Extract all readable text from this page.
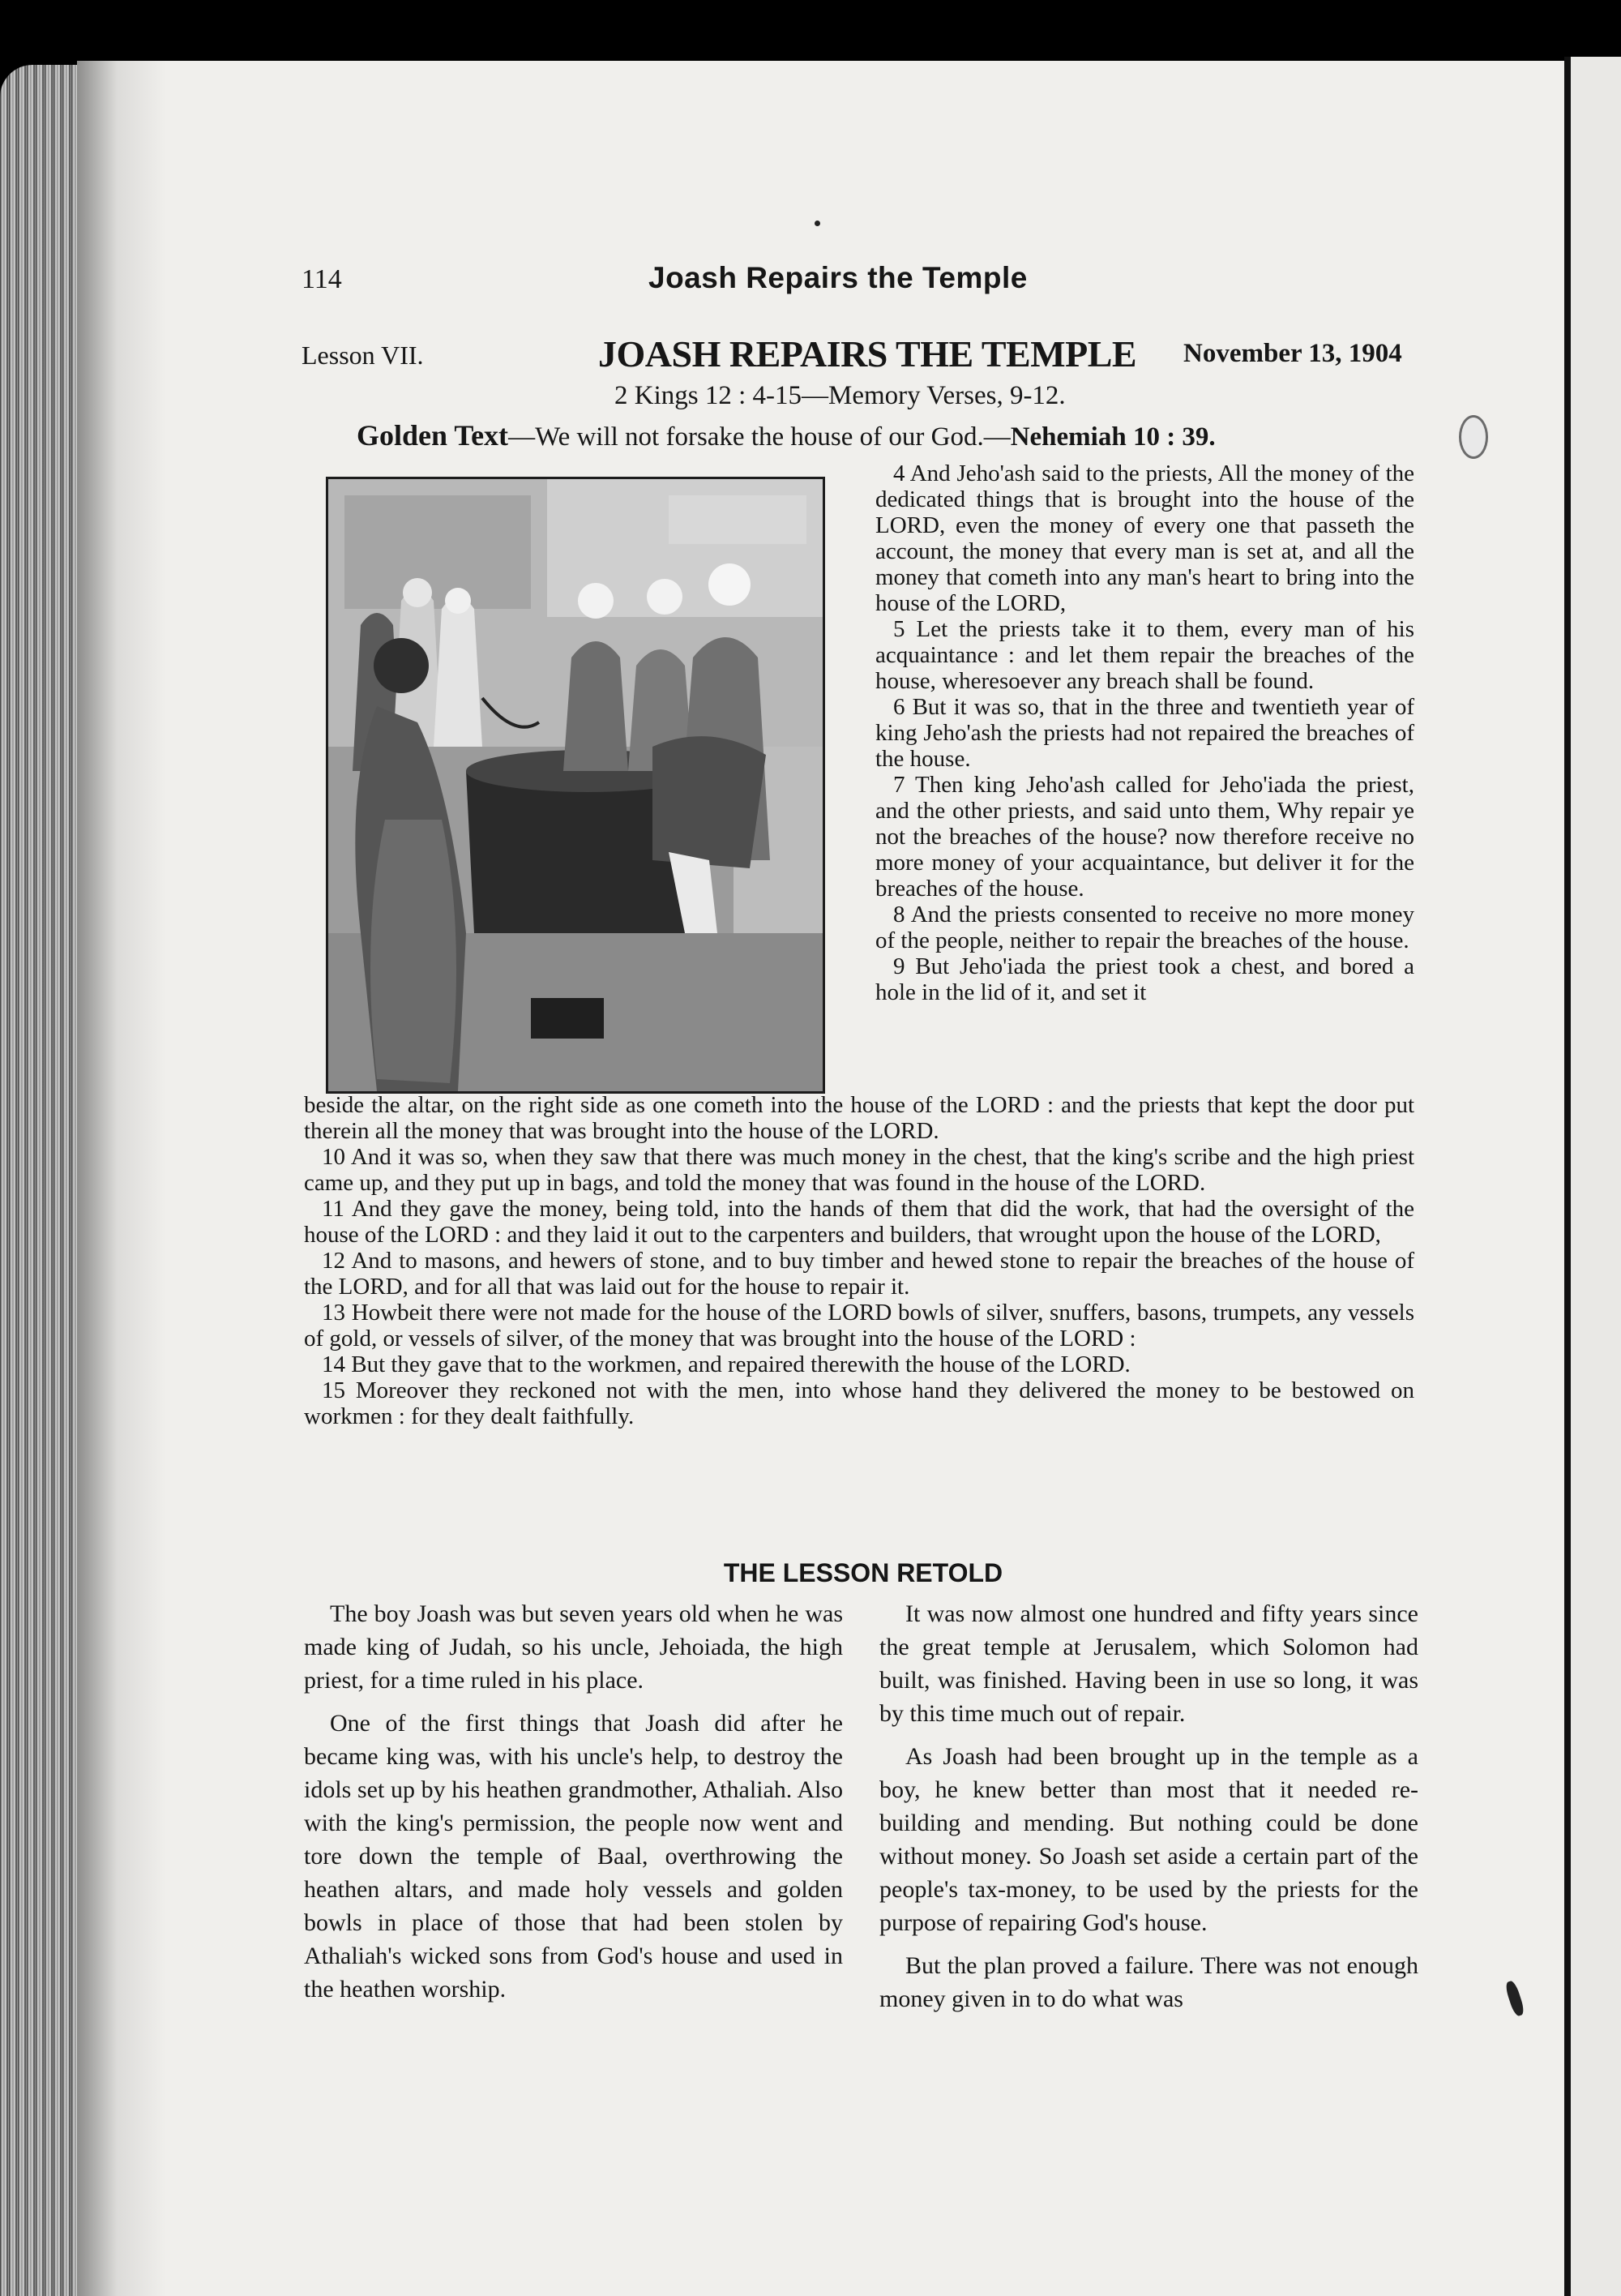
114	Joash Repairs the Temple
Lesson VII.	JOASH REPAIRS THE TEMPLE November 13, 1904
2 Kings 12 : 4-15—Memory Verses, 9-12.
Golden Text—We will not forsake the house of our God.—Nehemiah 10 : 39.

4 And Jeho'ash said to the priests, All the money of the dedicated things that is brought into the house of the LORD, even the money of every one that passeth the account, the money that every man is set at, and all the money that cometh into any man's heart to bring into the house of the LORD,

5 Let the priests take it to them, every man of his acquaintance : and let them repair the breaches of the house, wheresoever any breach shall be found.

6 But it was so, that in the three and twentieth year of king Jeho'ash the priests had not repaired the breaches of the house.

7 Then king Jeho'ash called for Jeho'iada the priest, and the other priests, and said unto them, Why repair ye not the breaches of the house? now therefore receive no more money of your acquaintance, but deliver it for the breaches of the house.

8 And the priests consented to receive no more money of the people, neither to repair the breaches of the house.

9 But Jeho'iada the priest took a chest, and bored a hole in the lid of it, and set it

beside the altar, on the right side as one cometh into the house of the LORD : and the priests that kept the door put therein all the money that was brought into the house of the LORD.

10 And it was so, when they saw that there was much money in the chest, that the king's scribe and the high priest came up, and they put up in bags, and told the money that was found in the house of the LORD.

11 And they gave the money, being told, into the hands of them that did the work, that had the oversight of the house of the LORD : and they laid it out to the carpenters and builders, that wrought upon the house of the LORD,

12 And to masons, and hewers of stone, and to buy timber and hewed stone to repair the breaches of the house of the LORD, and for all that was laid out for the house to repair it.

13 Howbeit there were not made for the house of the LORD bowls of silver, snuffers, basons, trumpets, any vessels of gold, or vessels of silver, of the money that was brought into the house of the LORD :

14 But they gave that to the workmen, and repaired therewith the house of the LORD.

15 Moreover they reckoned not with the men, into whose hand they delivered the money to be bestowed on workmen : for they dealt faithfully.

THE LESSON RETOLD

The boy Joash was but seven years old when he was made king of Judah, so his uncle, Jehoiada, the high priest, for a time ruled in his place.

One of the first things that Joash did after he became king was, with his uncle's help, to destroy the idols set up by his heathen grandmother, Athaliah. Also with the king's permission, the people now went and tore down the temple of Baal, overthrowing the heathen altars, and made holy vessels and golden bowls in place of those that had been stolen by Athaliah's wicked sons from God's house and used in the heathen worship.

It was now almost one hundred and fifty years since the great temple at Jerusalem, which Solomon had built, was finished. Having been in use so long, it was by this time much out of repair.

As Joash had been brought up in the temple as a boy, he knew better than most that it needed re-building and mending. But nothing could be done without money. So Joash set aside a certain part of the people's tax-money, to be used by the priests for the purpose of repairing God's house.

But the plan proved a failure. There was not enough money given in to do what was
